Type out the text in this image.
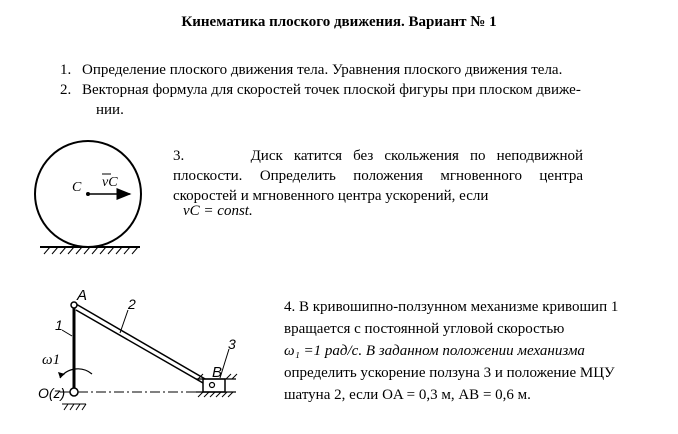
Кинематика плоского движения. Вариант № 1
1. Определение плоского движения тела. Уравнения плоского движения тела.
2. Векторная формула для скоростей точек плоской фигуры при плоском движе-
нии.
3.	Диск катится без скольжения по неподвижной
плоскости. Определить положения мгновенного центра
скоростей и мгновенного центра ускорений, если
vC = const.
4. В кривошипно-ползунном механизме кривошип 1
вращается с постоянной угловой скоростью
ω₁ =1 рад/с. В заданном положении механизма
определить ускорение ползуна 3 и положение МЦУ
шатуна 2, если OA = 0,3 м, AB = 0,6 м.
C vC
A
B
O(z)
1
2
3
ω1
